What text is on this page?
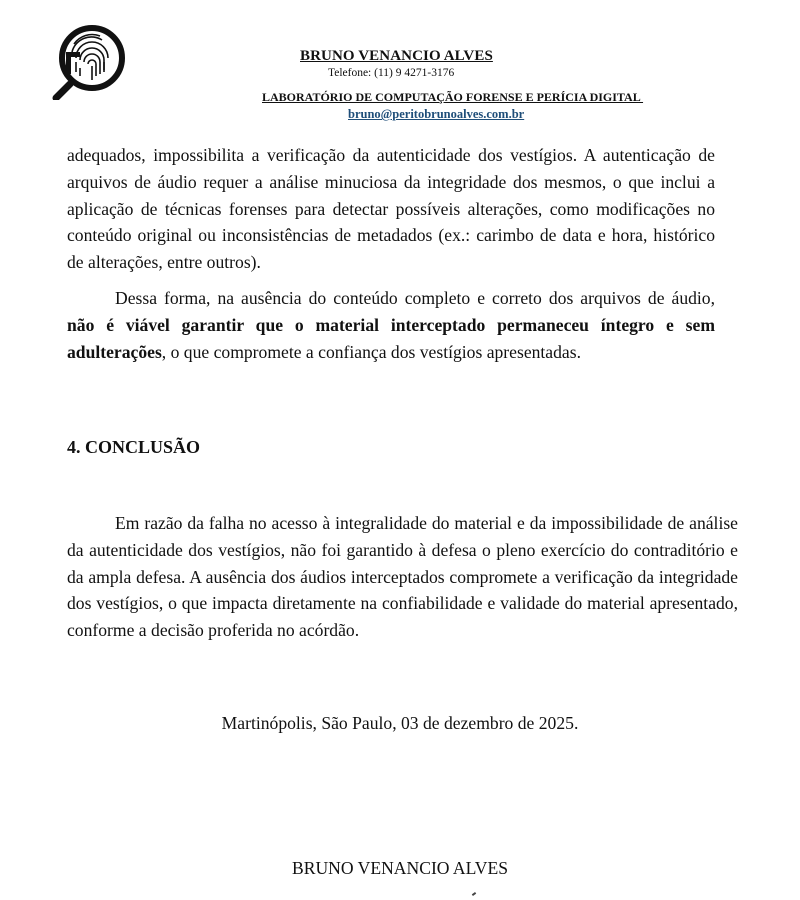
BRUNO VENANCIO ALVES
Telefone: (11) 9 4271-3176
LABORATÓRIO DE COMPUTAÇÃO FORENSE E PERÍCIA DIGITAL
bruno@peritobrunoalves.com.br

adequados, impossibilita a verificação da autenticidade dos vestígios. A autenticação de arquivos de áudio requer a análise minuciosa da integridade dos mesmos, o que inclui a aplicação de técnicas forenses para detectar possíveis alterações, como modificações no conteúdo original ou inconsistências de metadados (ex.: carimbo de data e hora, histórico de alterações, entre outros).

Dessa forma, na ausência do conteúdo completo e correto dos arquivos de áudio, não é viável garantir que o material interceptado permaneceu íntegro e sem adulterações, o que compromete a confiança dos vestígios apresentadas.

4. CONCLUSÃO

Em razão da falha no acesso à integralidade do material e da impossibilidade de análise da autenticidade dos vestígios, não foi garantido à defesa o pleno exercício do contraditório e da ampla defesa. A ausência dos áudios interceptados compromete a verificação da integridade dos vestígios, o que impacta diretamente na confiabilidade e validade do material apresentado, conforme a decisão proferida no acórdão.

Martinópolis, São Paulo, 03 de dezembro de 2025.
BRUNO VENANCIO ALVES
